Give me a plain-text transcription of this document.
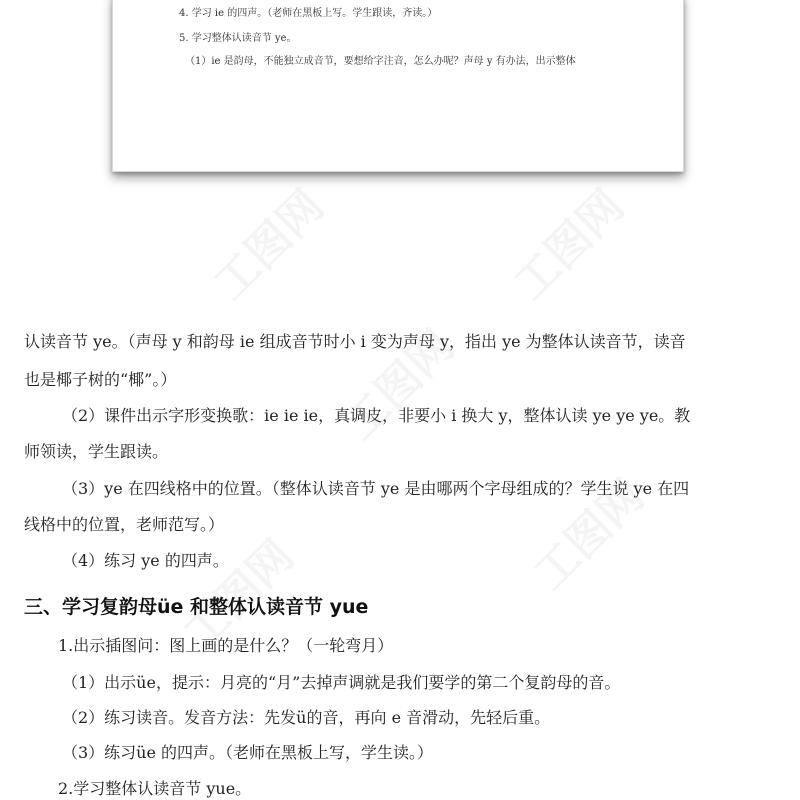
4. 学习 ie 的四声。（老师在黑板上写。学生跟读，齐读。）
5. 学习整体认读音节 ye。
（1）ie 是韵母，不能独立成音节，要想给字注音，怎么办呢？声母 y 有办法，出示整体
认读音节 ye。（声母 y 和韵母 ie 组成音节时小 i 变为声母 y，指出 ye 为整体认读音节，读音
也是椰子树的“椰”。）
（2）课件出示字形变换歌：ie ie ie，真调皮，非要小 i 换大 y，整体认读 ye ye ye。教
师领读，学生跟读。
（3）ye 在四线格中的位置。（整体认读音节 ye 是由哪两个字母组成的？学生说 ye 在四
线格中的位置，老师范写。）
（4）练习 ye 的四声。
三、学习复韵母üe 和整体认读音节 yue
1.出示插图问：图上画的是什么？（一轮弯月）
（1）出示üe，提示：月亮的“月”去掉声调就是我们要学的第二个复韵母的音。
（2）练习读音。发音方法：先发ü的音，再向 e 音滑动，先轻后重。
（3）练习üe 的四声。（老师在黑板上写，学生读。）
2.学习整体认读音节 yue。
